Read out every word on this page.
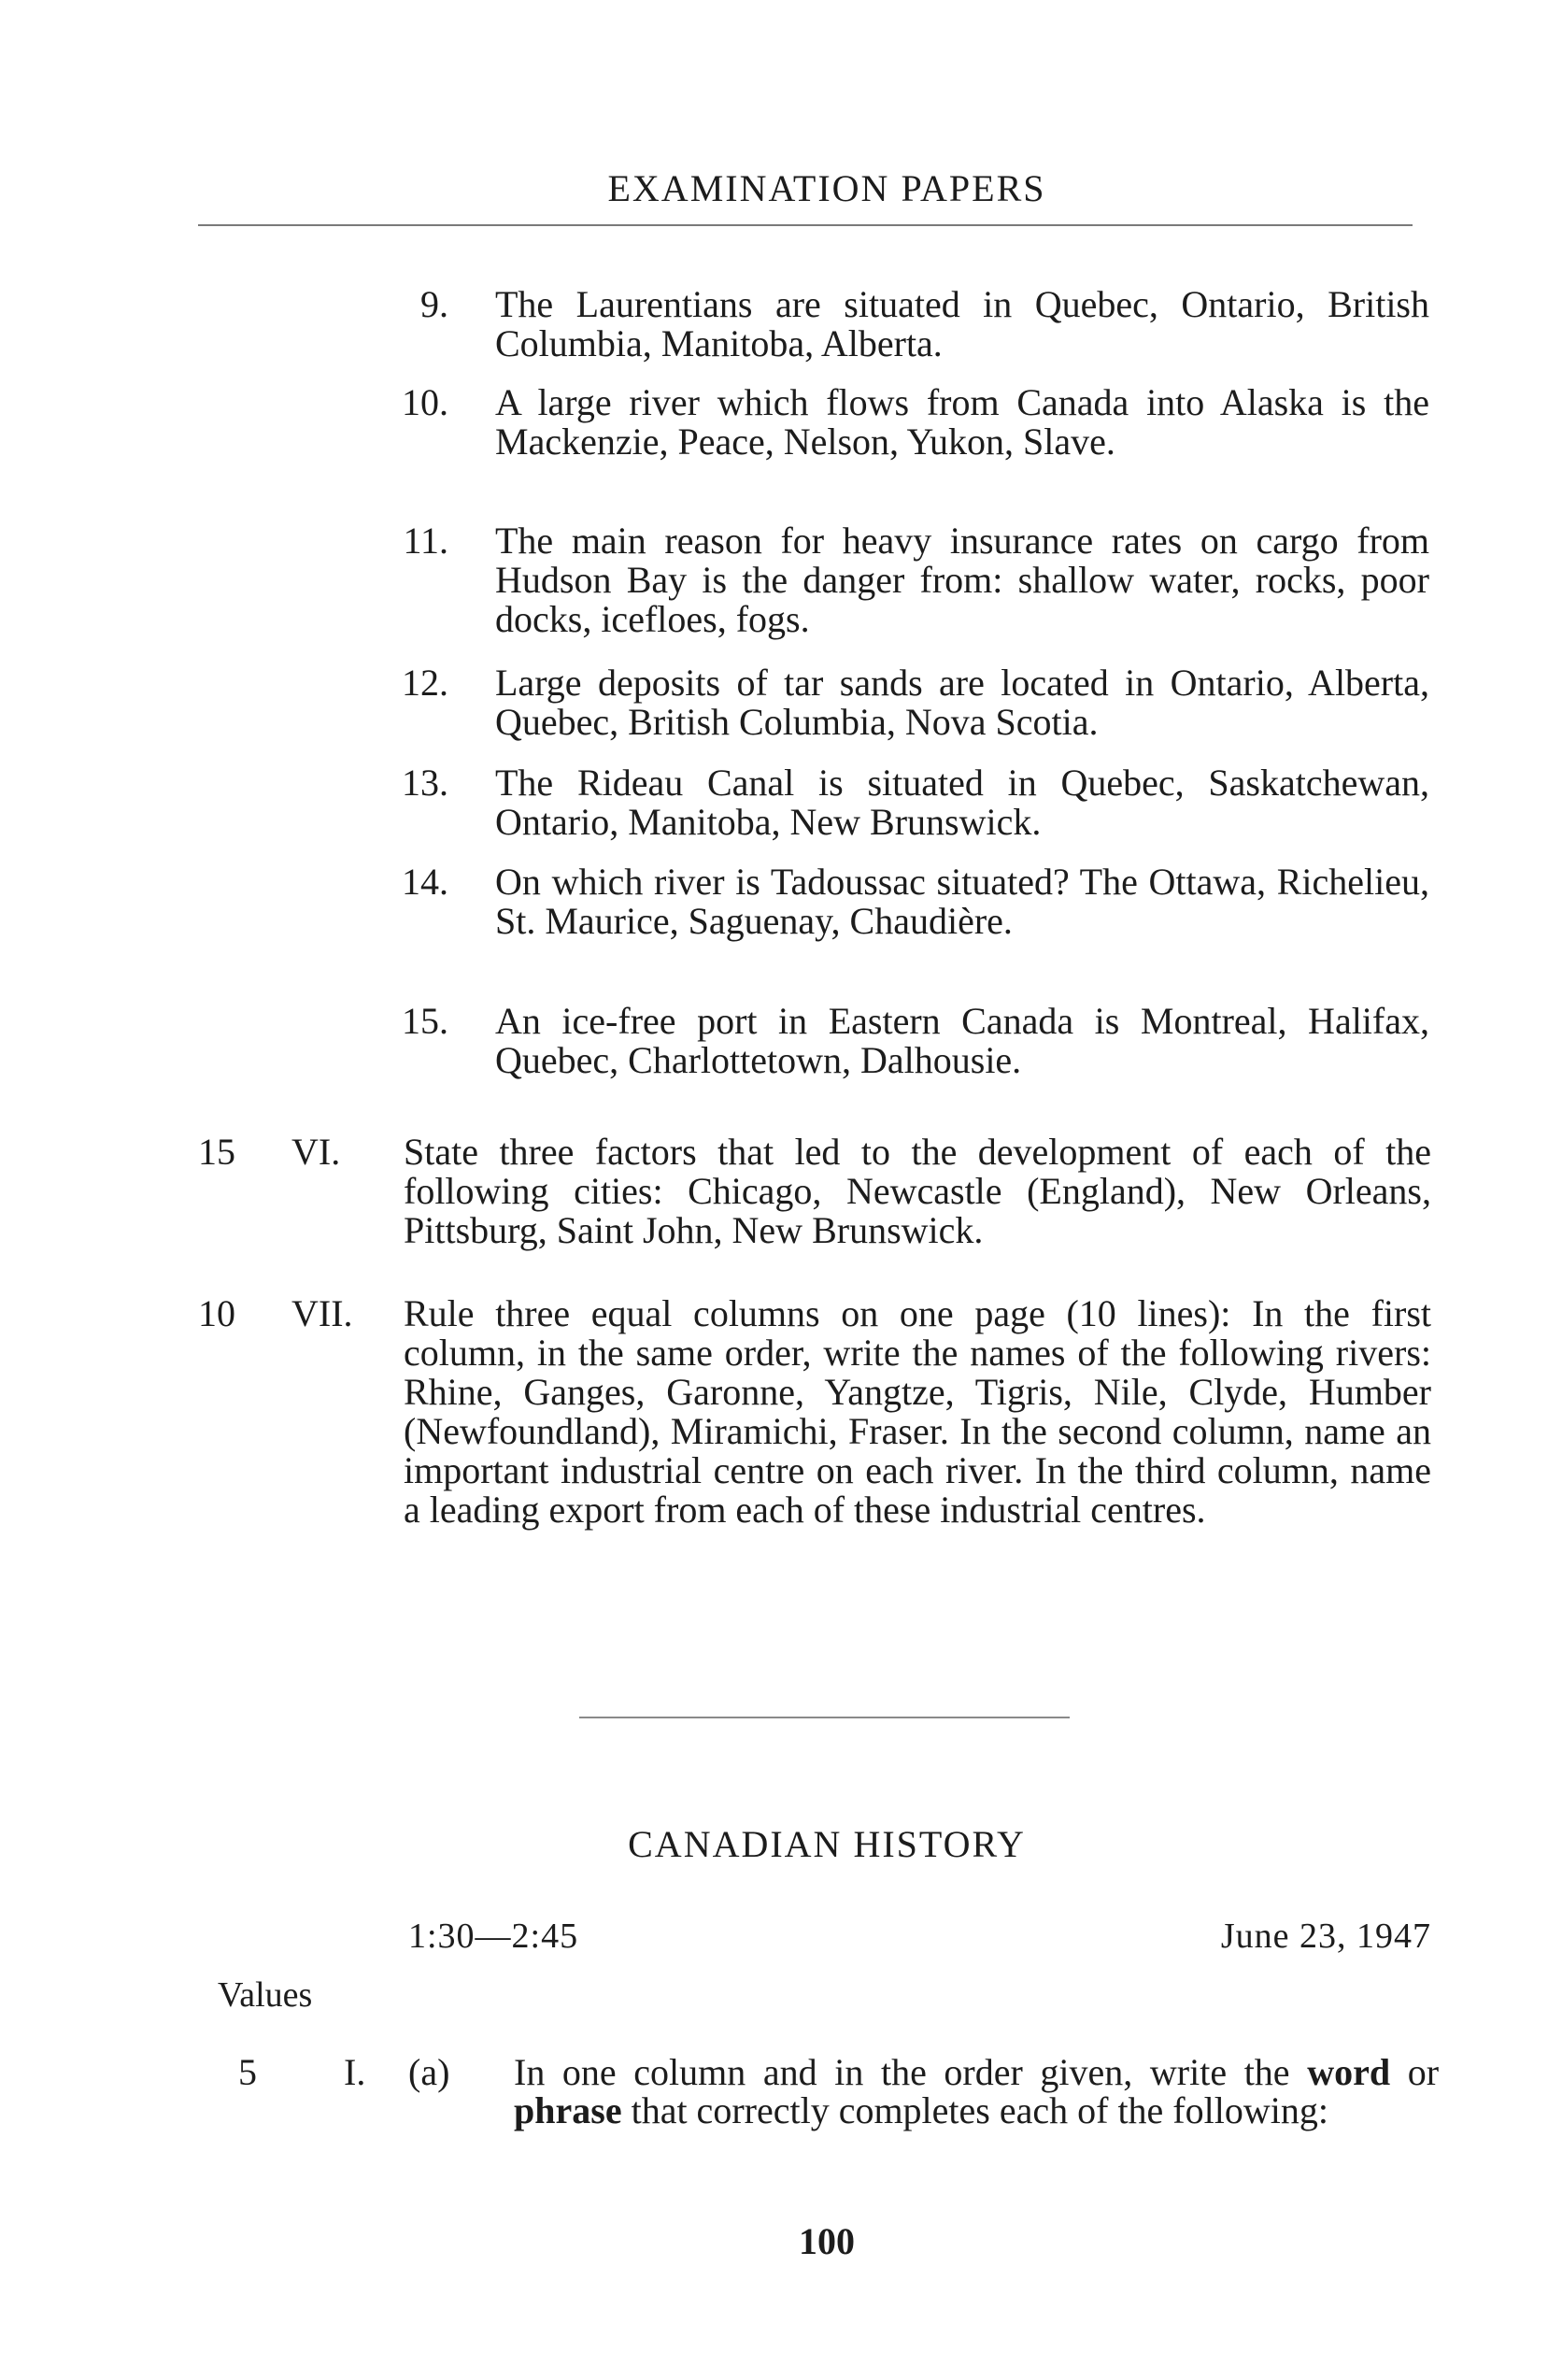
EXAMINATION PAPERS
9. The Laurentians are situated in Quebec, Ontario, British Columbia, Manitoba, Alberta.
10. A large river which flows from Canada into Alaska is the Mackenzie, Peace, Nelson, Yukon, Slave.
11. The main reason for heavy insurance rates on cargo from Hudson Bay is the danger from: shallow water, rocks, poor docks, icefloes, fogs.
12. Large deposits of tar sands are located in Ontario, Alberta, Quebec, British Columbia, Nova Scotia.
13. The Rideau Canal is situated in Quebec, Saskatchewan, Ontario, Manitoba, New Brunswick.
14. On which river is Tadoussac situated? The Ottawa, Richelieu, St. Maurice, Saguenay, Chaudière.
15. An ice-free port in Eastern Canada is Montreal, Halifax, Quebec, Charlottetown, Dalhousie.
15 VI. State three factors that led to the development of each of the following cities: Chicago, Newcastle (England), New Orleans, Pittsburg, Saint John, New Brunswick.
10 VII. Rule three equal columns on one page (10 lines): In the first column, in the same order, write the names of the following rivers: Rhine, Ganges, Garonne, Yangtze, Tigris, Nile, Clyde, Humber (Newfoundland), Miramichi, Fraser. In the second column, name an important industrial centre on each river. In the third column, name a leading export from each of these industrial centres.
CANADIAN HISTORY
1:30—2:45	June 23, 1947
Values
5 I. (a) In one column and in the order given, write the word or phrase that correctly completes each of the following:
100
